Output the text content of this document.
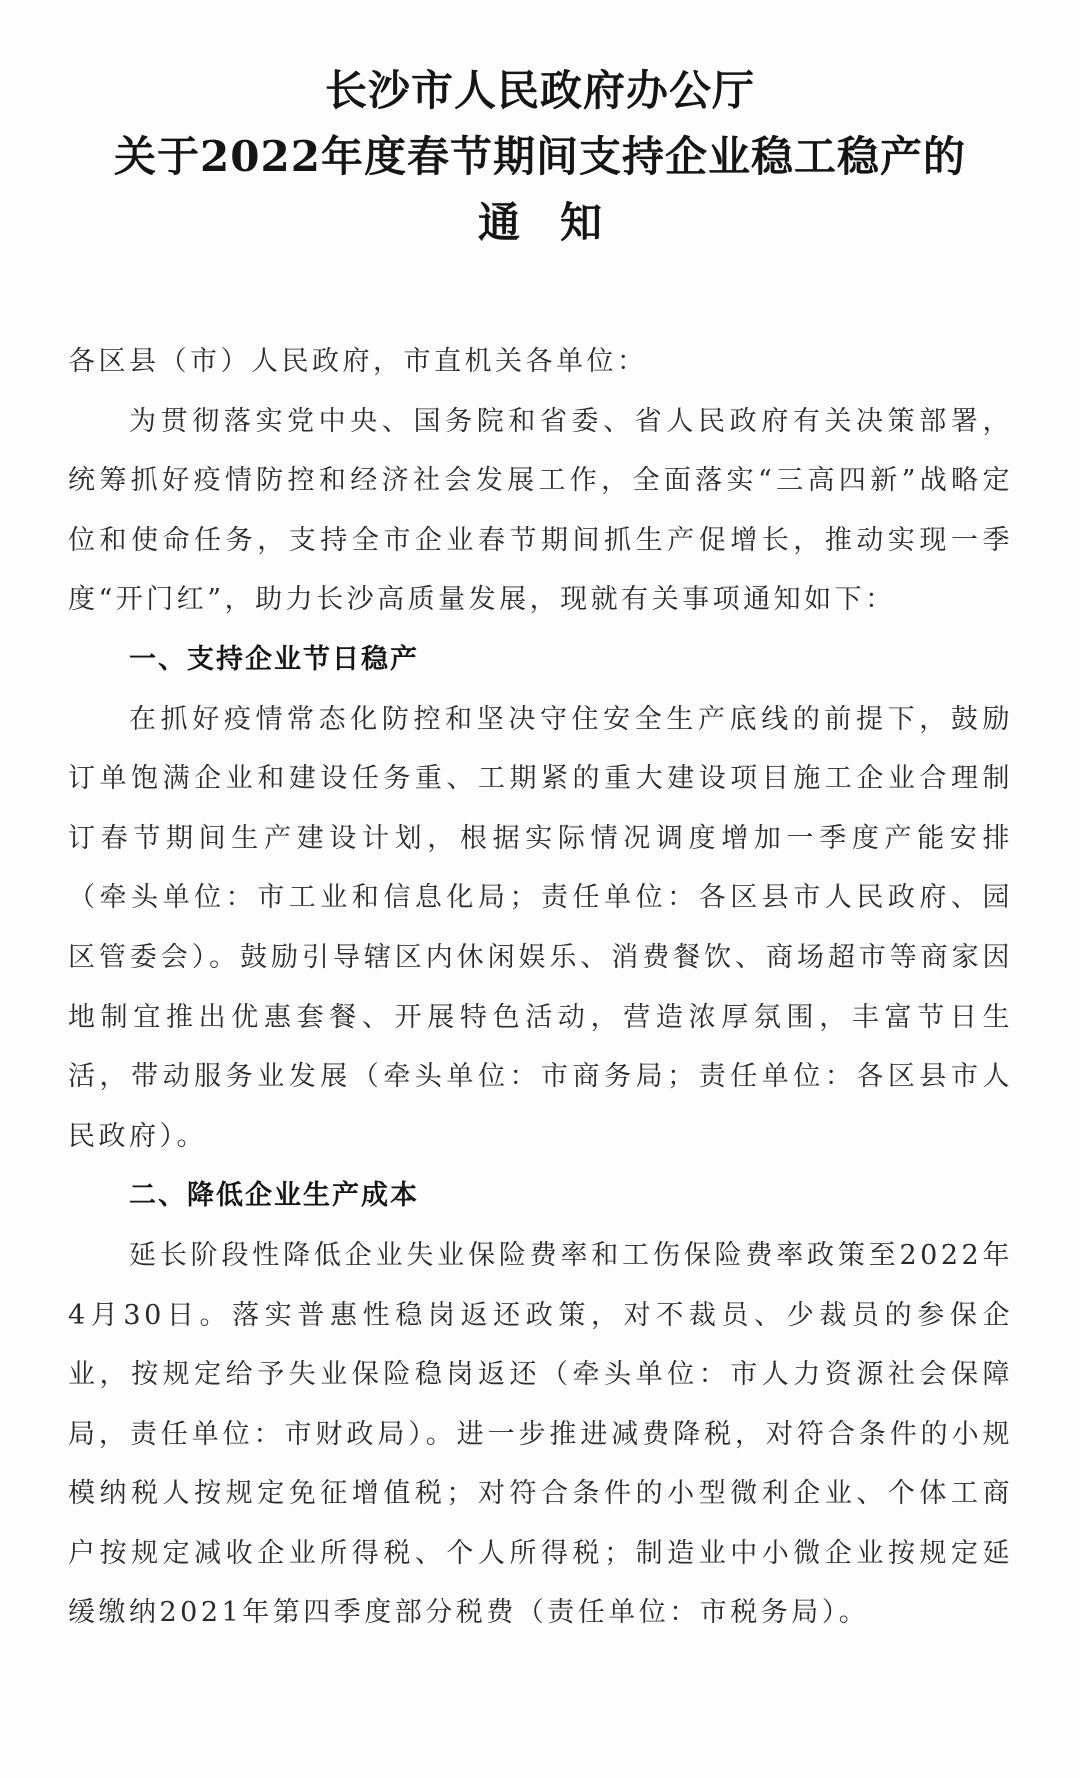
长沙市人民政府办公厅
关于2022年度春节期间支持企业稳工稳产的
通知

各区县（市）人民政府，市直机关各单位：

为贯彻落实党中央、国务院和省委、省人民政府有关决策部署，统筹抓好疫情防控和经济社会发展工作，全面落实“三高四新”战略定位和使命任务，支持全市企业春节期间抓生产促增长，推动实现一季度“开门红”，助力长沙高质量发展，现就有关事项通知如下：

一、支持企业节日稳产

在抓好疫情常态化防控和坚决守住安全生产底线的前提下，鼓励订单饱满企业和建设任务重、工期紧的重大建设项目施工企业合理制订春节期间生产建设计划，根据实际情况调度增加一季度产能安排（牵头单位：市工业和信息化局；责任单位：各区县市人民政府、园区管委会）。鼓励引导辖区内休闲娱乐、消费餐饮、商场超市等商家因地制宜推出优惠套餐、开展特色活动，营造浓厚氛围，丰富节日生活，带动服务业发展（牵头单位：市商务局；责任单位：各区县市人民政府）。

二、降低企业生产成本

延长阶段性降低企业失业保险费率和工伤保险费率政策至2022年4月30日。落实普惠性稳岗返还政策，对不裁员、少裁员的参保企业，按规定给予失业保险稳岗返还（牵头单位：市人力资源社会保障局，责任单位：市财政局）。进一步推进减费降税，对符合条件的小规模纳税人按规定免征增值税；对符合条件的小型微利企业、个体工商户按规定减收企业所得税、个人所得税；制造业中小微企业按规定延缓缴纳2021年第四季度部分税费（责任单位：市税务局）。
